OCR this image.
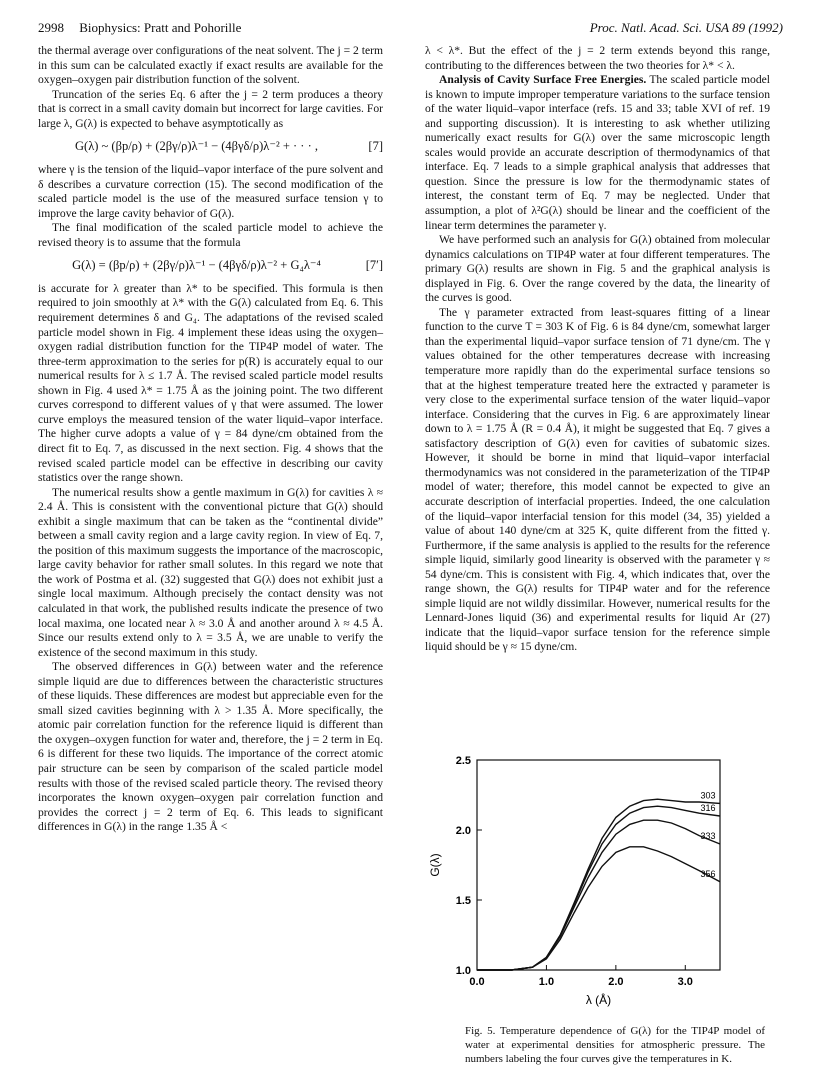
2998 Biophysics: Pratt and Pohorille	Proc. Natl. Acad. Sci. USA 89 (1992)

the thermal average over configurations of the neat solvent. The j = 2 term in this sum can be calculated exactly if exact results are available for the oxygen–oxygen pair distribution function of the solvent.

Truncation of the series Eq. 6 after the j = 2 term produces a theory that is correct in a small cavity domain but incorrect for large cavities. For large λ, G(λ) is expected to behave asymptotically as

G(λ) ~ (βp/ρ) + (2βγ/ρ)λ⁻¹ − (4βγδ/ρ)λ⁻² + · · · ,	[7]

where γ is the tension of the liquid–vapor interface of the pure solvent and δ describes a curvature correction (15). The second modification of the scaled particle model is the use of the measured surface tension γ to improve the large cavity behavior of G(λ).

The final modification of the scaled particle model to achieve the revised theory is to assume that the formula

G(λ) = (βp/ρ) + (2βγ/ρ)λ⁻¹ − (4βγδ/ρ)λ⁻² + G₄λ⁻⁴	[7′]

is accurate for λ greater than λ* to be specified. This formula is then required to join smoothly at λ* with the G(λ) calculated from Eq. 6. This requirement determines δ and G₄. The adaptations of the revised scaled particle model shown in Fig. 4 implement these ideas using the oxygen–oxygen radial distribution function for the TIP4P model of water. The three-term approximation to the series for p(R) is accurately equal to our numerical results for λ ≤ 1.7 Å. The revised scaled particle model results shown in Fig. 4 used λ* = 1.75 Å as the joining point. The two different curves correspond to different values of γ that were assumed. The lower curve employs the measured tension of the water liquid–vapor interface. The higher curve adopts a value of γ = 84 dyne/cm obtained from the direct fit to Eq. 7, as discussed in the next section. Fig. 4 shows that the revised scaled particle model can be effective in describing our cavity statistics over the range shown.

The numerical results show a gentle maximum in G(λ) for cavities λ ≈ 2.4 Å. This is consistent with the conventional picture that G(λ) should exhibit a single maximum that can be taken as the “continental divide” between a small cavity region and a large cavity region. In view of Eq. 7, the position of this maximum suggests the importance of the macroscopic, large cavity behavior for rather small solutes. In this regard we note that the work of Postma et al. (32) suggested that G(λ) does not exhibit just a single local maximum. Although precisely the contact density was not calculated in that work, the published results indicate the presence of two local maxima, one located near λ ≈ 3.0 Å and another around λ ≈ 4.5 Å. Since our results extend only to λ = 3.5 Å, we are unable to verify the existence of the second maximum in this study.

The observed differences in G(λ) between water and the reference simple liquid are due to differences between the characteristic structures of these liquids. These differences are modest but appreciable even for the small sized cavities beginning with λ > 1.35 Å. More specifically, the atomic pair correlation function for the reference liquid is different than the oxygen–oxygen function for water and, therefore, the j = 2 term in Eq. 6 is different for these two liquids. The importance of the correct atomic pair structure can be seen by comparison of the scaled particle model results with those of the revised scaled particle theory. The revised theory incorporates the known oxygen–oxygen pair correlation function and provides the correct j = 2 term of Eq. 6. This leads to significant differences in G(λ) in the range 1.35 Å <

λ < λ*. But the effect of the j = 2 term extends beyond this range, contributing to the differences between the two theories for λ* < λ.

Analysis of Cavity Surface Free Energies. The scaled particle model is known to impute improper temperature variations to the surface tension of the water liquid–vapor interface (refs. 15 and 33; table XVI of ref. 19 and supporting discussion). It is interesting to ask whether utilizing numerically exact results for G(λ) over the same microscopic length scales would provide an accurate description of thermodynamics of that interface. Eq. 7 leads to a simple graphical analysis that addresses that question. Since the pressure is low for the thermodynamic states of interest, the constant term of Eq. 7 may be neglected. Under that assumption, a plot of λ²G(λ) should be linear and the coefficient of the linear term determines the parameter γ.

We have performed such an analysis for G(λ) obtained from molecular dynamics calculations on TIP4P water at four different temperatures. The primary G(λ) results are shown in Fig. 5 and the graphical analysis is displayed in Fig. 6. Over the range covered by the data, the linearity of the curves is good.

The γ parameter extracted from least-squares fitting of a linear function to the curve T = 303 K of Fig. 6 is 84 dyne/cm, somewhat larger than the experimental liquid–vapor surface tension of 71 dyne/cm. The γ values obtained for the other temperatures decrease with increasing temperature more rapidly than do the experimental surface tensions so that at the highest temperature treated here the extracted γ parameter is very close to the experimental surface tension of the water liquid–vapor interface. Considering that the curves in Fig. 6 are approximately linear down to λ = 1.75 Å (R = 0.4 Å), it might be suggested that Eq. 7 gives a satisfactory description of G(λ) even for cavities of subatomic sizes. However, it should be borne in mind that liquid–vapor interfacial thermodynamics was not considered in the parameterization of the TIP4P model of water; therefore, this model cannot be expected to give an accurate description of interfacial properties. Indeed, the one calculation of the liquid–vapor interfacial tension for this model (34, 35) yielded a value of about 140 dyne/cm at 325 K, quite different from the fitted γ. Furthermore, if the same analysis is applied to the results for the reference simple liquid, similarly good linearity is observed with the parameter γ ≈ 54 dyne/cm. This is consistent with Fig. 4, which indicates that, over the range shown, the G(λ) results for TIP4P water and for the reference simple liquid are not wildly dissimilar. However, numerical results for the Lennard-Jones liquid (36) and experimental results for liquid Ar (27) indicate that the liquid–vapor surface tension for the reference simple liquid should be γ ≈ 15 dyne/cm.

0.0	1.0	2.0	3.0
1.0
1.5
2.0
2.5
λ (Å)
G(λ)
303
316
333
356
Fig. 5. Temperature dependence of G(λ) for the TIP4P model of water at experimental densities for atmospheric pressure. The numbers labeling the four curves give the temperatures in K.
